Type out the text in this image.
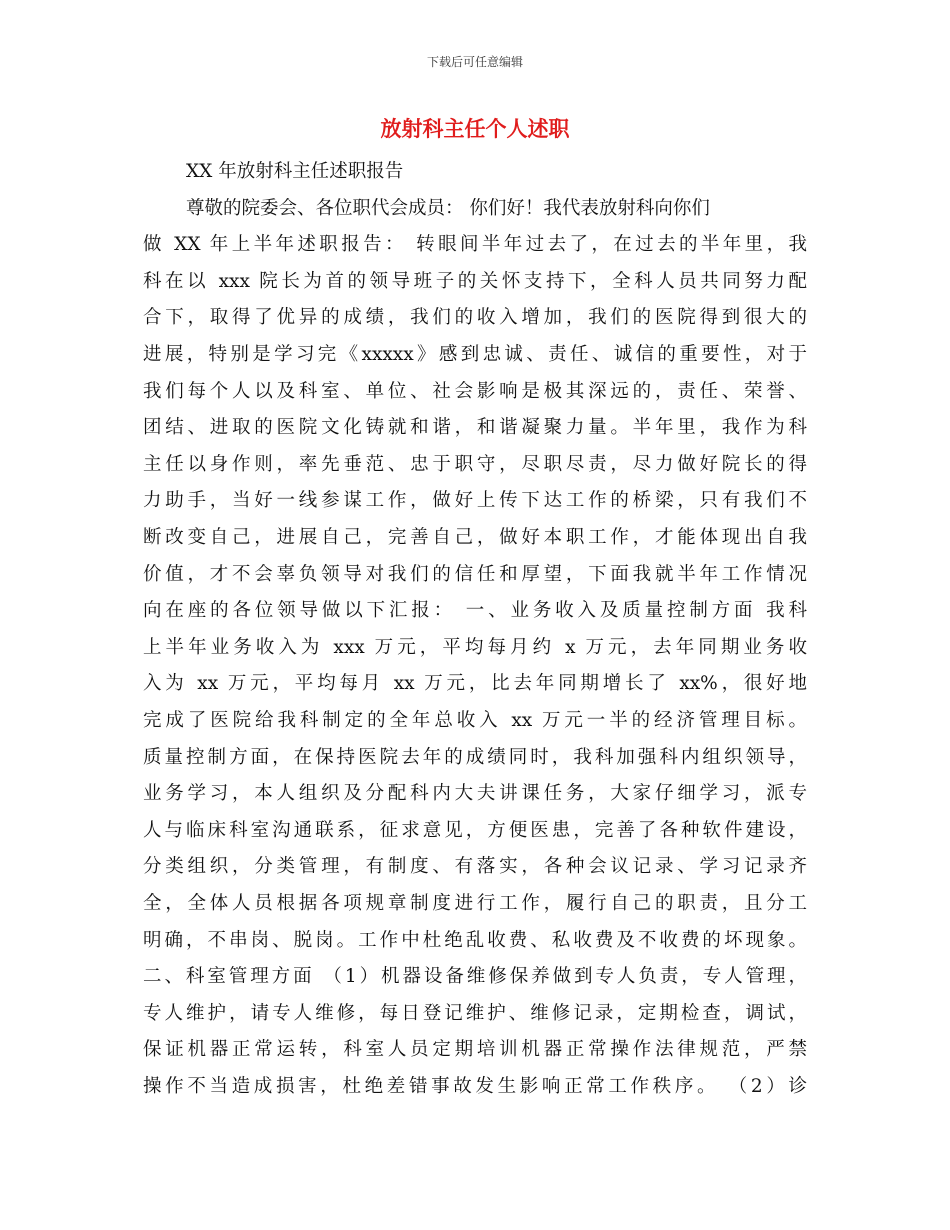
下载后可任意编辑
放射科主任个人述职
XX 年放射科主任述职报告
尊敬的院委会、各位职代会成员： 你们好！我代表放射科向你们
做 XX 年上半年述职报告： 转眼间半年过去了，在过去的半年里，我
科在以 xxx 院长为首的领导班子的关怀支持下，全科人员共同努力配
合下，取得了优异的成绩，我们的收入增加，我们的医院得到很大的
进展，特别是学习完《xxxxx》感到忠诚、责任、诚信的重要性，对于
我们每个人以及科室、单位、社会影响是极其深远的，责任、荣誉、
团结、进取的医院文化铸就和谐，和谐凝聚力量。半年里，我作为科
主任以身作则，率先垂范、忠于职守，尽职尽责，尽力做好院长的得
力助手，当好一线参谋工作，做好上传下达工作的桥梁，只有我们不
断改变自己，进展自己，完善自己，做好本职工作，才能体现出自我
价值，才不会辜负领导对我们的信任和厚望，下面我就半年工作情况
向在座的各位领导做以下汇报： 一、业务收入及质量控制方面 我科
上半年业务收入为 xxx 万元，平均每月约 x 万元，去年同期业务收
入为 xx 万元，平均每月 xx 万元，比去年同期增长了 xx%，很好地
完成了医院给我科制定的全年总收入 xx 万元一半的经济管理目标。
质量控制方面，在保持医院去年的成绩同时，我科加强科内组织领导，
业务学习，本人组织及分配科内大夫讲课任务，大家仔细学习，派专
人与临床科室沟通联系，征求意见，方便医患，完善了各种软件建设，
分类组织，分类管理，有制度、有落实，各种会议记录、学习记录齐
全，全体人员根据各项规章制度进行工作，履行自己的职责，且分工
明确，不串岗、脱岗。工作中杜绝乱收费、私收费及不收费的坏现象。
二、科室管理方面 （1）机器设备维修保养做到专人负责，专人管理，
专人维护，请专人维修，每日登记维护、维修记录，定期检查，调试，
保证机器正常运转，科室人员定期培训机器正常操作法律规范，严禁
操作不当造成损害，杜绝差错事故发生影响正常工作秩序。 （2）诊
